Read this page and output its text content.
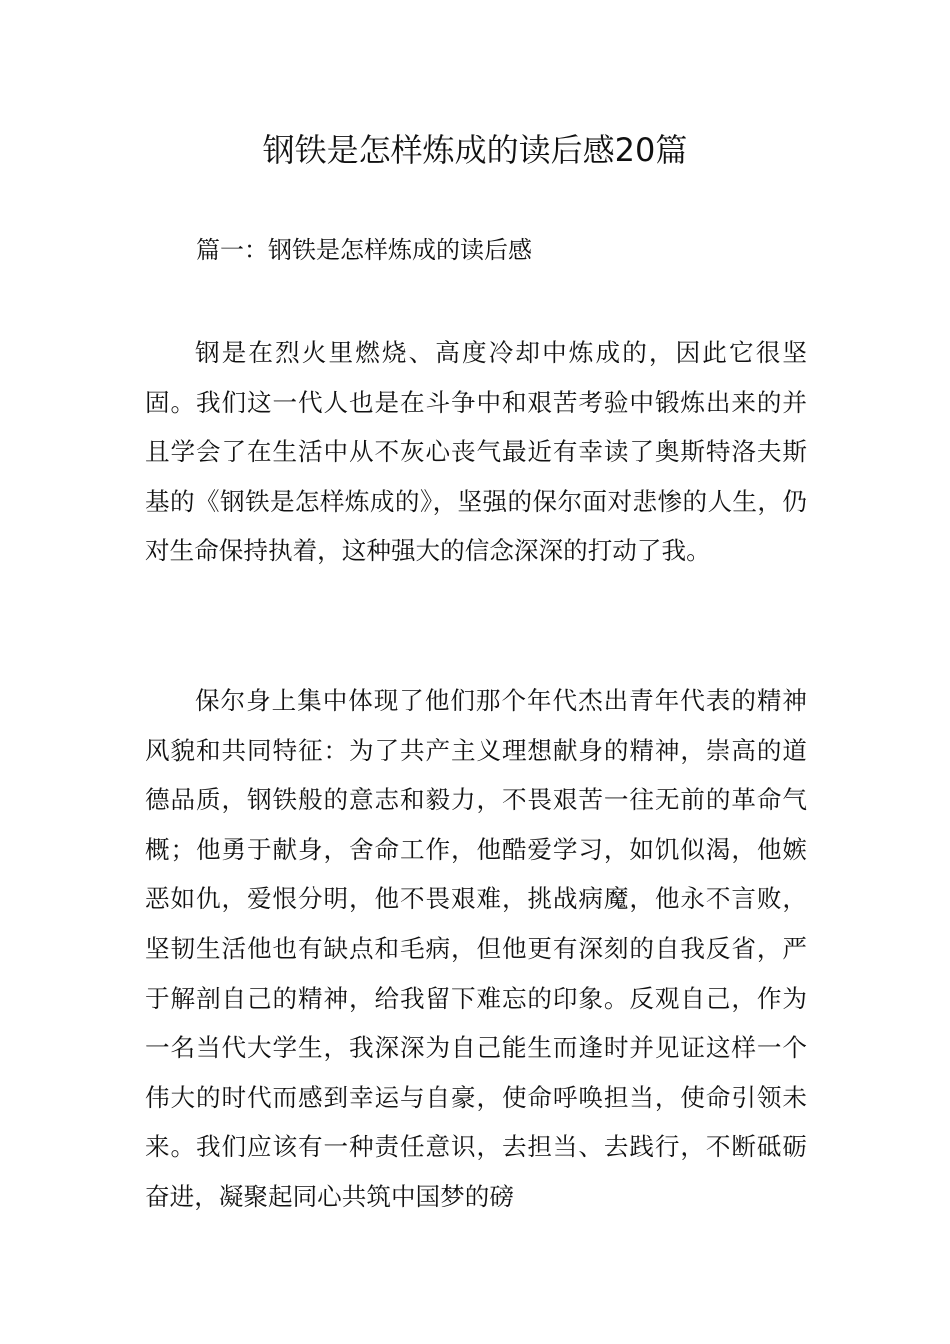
钢铁是怎样炼成的读后感20篇

篇一：钢铁是怎样炼成的读后感

钢是在烈火里燃烧、高度冷却中炼成的，因此它很坚固。我们这一代人也是在斗争中和艰苦考验中锻炼出来的并且学会了在生活中从不灰心丧气最近有幸读了奥斯特洛夫斯基的《钢铁是怎样炼成的》，坚强的保尔面对悲惨的人生，仍对生命保持执着，这种强大的信念深深的打动了我。

保尔身上集中体现了他们那个年代杰出青年代表的精神风貌和共同特征：为了共产主义理想献身的精神，崇高的道德品质，钢铁般的意志和毅力，不畏艰苦一往无前的革命气概；他勇于献身，舍命工作，他酷爱学习，如饥似渴，他嫉恶如仇，爱恨分明，他不畏艰难，挑战病魔，他永不言败，坚韧生活他也有缺点和毛病，但他更有深刻的自我反省，严于解剖自己的精神，给我留下难忘的印象。反观自己，作为一名当代大学生，我深深为自己能生而逢时并见证这样一个伟大的时代而感到幸运与自豪，使命呼唤担当，使命引领未来。我们应该有一种责任意识，去担当、去践行，不断砥砺奋进，凝聚起同心共筑中国梦的磅
